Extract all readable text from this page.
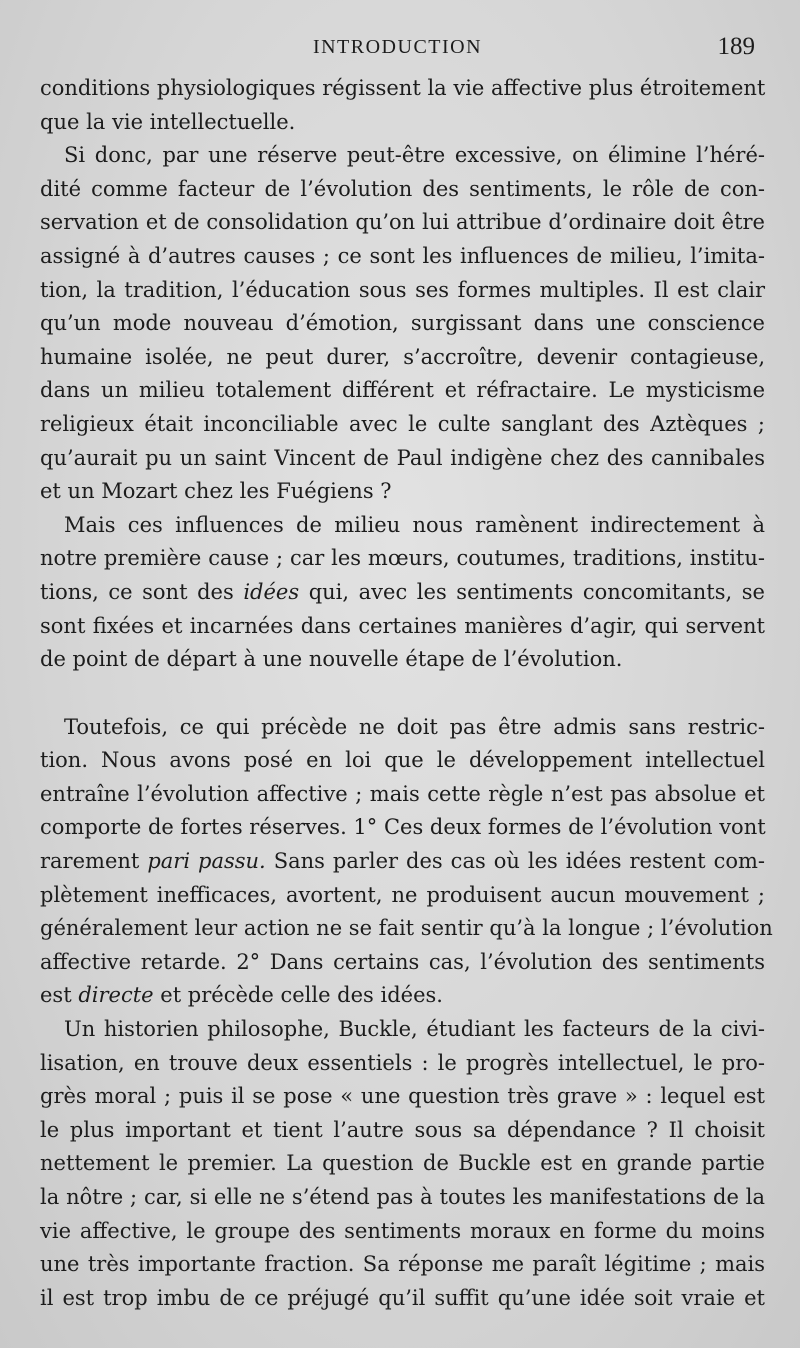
INTRODUCTION	189
conditions physiologiques régissent la vie affective plus étroitement
que la vie intellectuelle.
Si donc, par une réserve peut-être excessive, on élimine l’héré-
dité comme facteur de l’évolution des sentiments, le rôle de con-
servation et de consolidation qu’on lui attribue d’ordinaire doit être
assigné à d’autres causes ; ce sont les influences de milieu, l’imita-
tion, la tradition, l’éducation sous ses formes multiples. Il est clair
qu’un mode nouveau d’émotion, surgissant dans une conscience
humaine isolée, ne peut durer, s’accroître, devenir contagieuse,
dans un milieu totalement différent et réfractaire. Le mysticisme
religieux était inconciliable avec le culte sanglant des Aztèques ;
qu’aurait pu un saint Vincent de Paul indigène chez des cannibales
et un Mozart chez les Fuégiens ?
Mais ces influences de milieu nous ramènent indirectement à
notre première cause ; car les mœurs, coutumes, traditions, institu-
tions, ce sont des idées qui, avec les sentiments concomitants, se
sont fixées et incarnées dans certaines manières d’agir, qui servent
de point de départ à une nouvelle étape de l’évolution.
Toutefois, ce qui précède ne doit pas être admis sans restric-
tion. Nous avons posé en loi que le développement intellectuel
entraîne l’évolution affective ; mais cette règle n’est pas absolue et
comporte de fortes réserves. 1° Ces deux formes de l’évolution vont
rarement pari passu. Sans parler des cas où les idées restent com-
plètement inefficaces, avortent, ne produisent aucun mouvement ;
généralement leur action ne se fait sentir qu’à la longue ; l’évolution
affective retarde. 2° Dans certains cas, l’évolution des sentiments
est directe et précède celle des idées.
Un historien philosophe, Buckle, étudiant les facteurs de la civi-
lisation, en trouve deux essentiels : le progrès intellectuel, le pro-
grès moral ; puis il se pose « une question très grave » : lequel est
le plus important et tient l’autre sous sa dépendance ? Il choisit
nettement le premier. La question de Buckle est en grande partie
la nôtre ; car, si elle ne s’étend pas à toutes les manifestations de la
vie affective, le groupe des sentiments moraux en forme du moins
une très importante fraction. Sa réponse me paraît légitime ; mais
il est trop imbu de ce préjugé qu’il suffit qu’une idée soit vraie et
